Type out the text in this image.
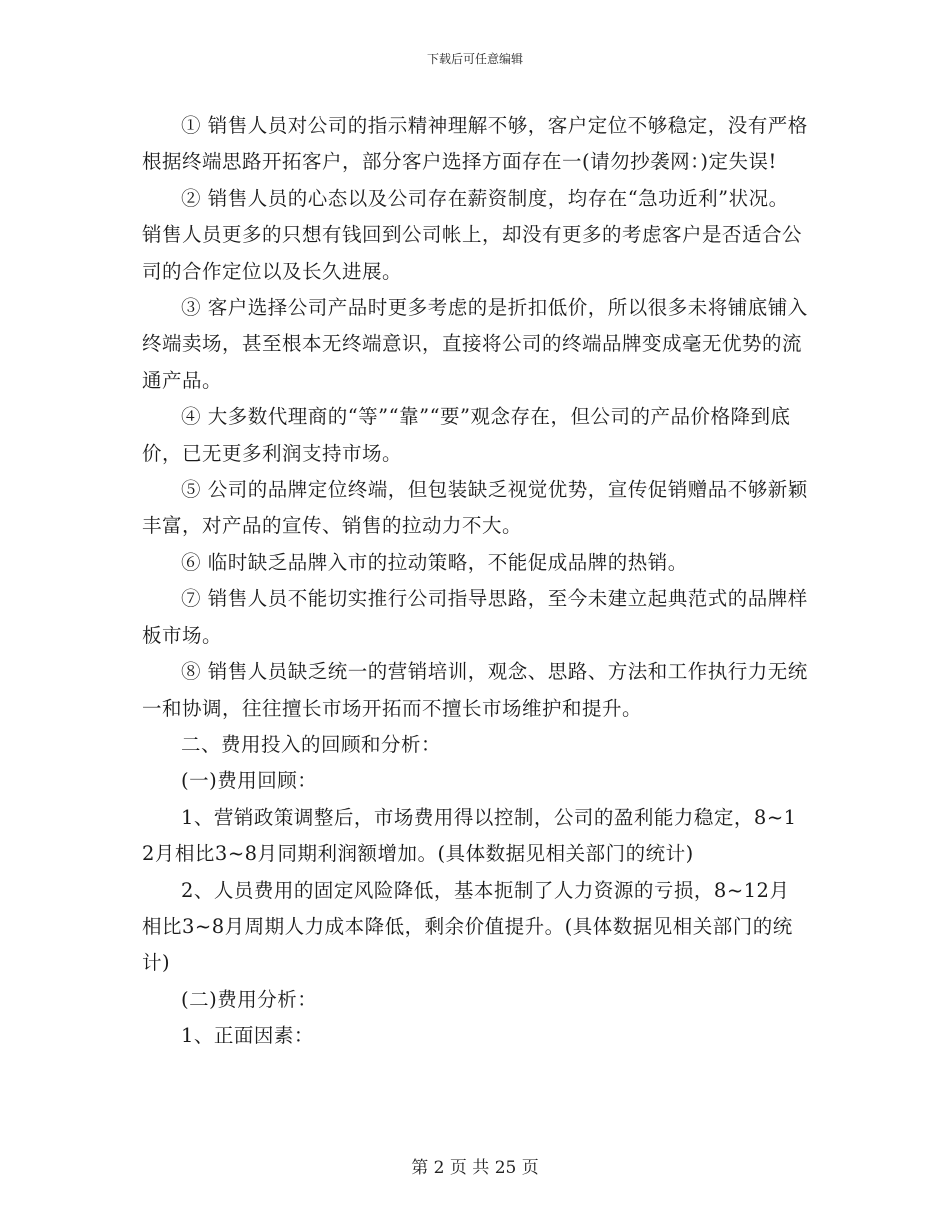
下载后可任意编辑

① 销售人员对公司的指示精神理解不够，客户定位不够稳定，没有严格根据终端思路开拓客户，部分客户选择方面存在一(请勿抄袭网：)定失误!

② 销售人员的心态以及公司存在薪资制度，均存在“急功近利”状况。销售人员更多的只想有钱回到公司帐上，却没有更多的考虑客户是否适合公司的合作定位以及长久进展。

③ 客户选择公司产品时更多考虑的是折扣低价，所以很多未将铺底铺入终端卖场，甚至根本无终端意识，直接将公司的终端品牌变成毫无优势的流通产品。

④ 大多数代理商的“等”“靠”“要”观念存在，但公司的产品价格降到底价，已无更多利润支持市场。

⑤ 公司的品牌定位终端，但包装缺乏视觉优势，宣传促销赠品不够新颖丰富，对产品的宣传、销售的拉动力不大。

⑥ 临时缺乏品牌入市的拉动策略，不能促成品牌的热销。

⑦ 销售人员不能切实推行公司指导思路，至今未建立起典范式的品牌样板市场。

⑧ 销售人员缺乏统一的营销培训，观念、思路、方法和工作执行力无统一和协调，往往擅长市场开拓而不擅长市场维护和提升。

二、费用投入的回顾和分析：

(一)费用回顾：

1、营销政策调整后，市场费用得以控制，公司的盈利能力稳定，8~12月相比3~8月同期利润额增加。(具体数据见相关部门的统计)

2、人员费用的固定风险降低，基本扼制了人力资源的亏损，8~12月相比3~8月周期人力成本降低，剩余价值提升。(具体数据见相关部门的统计)

(二)费用分析：

1、正面因素：

第 2 页 共 25 页
